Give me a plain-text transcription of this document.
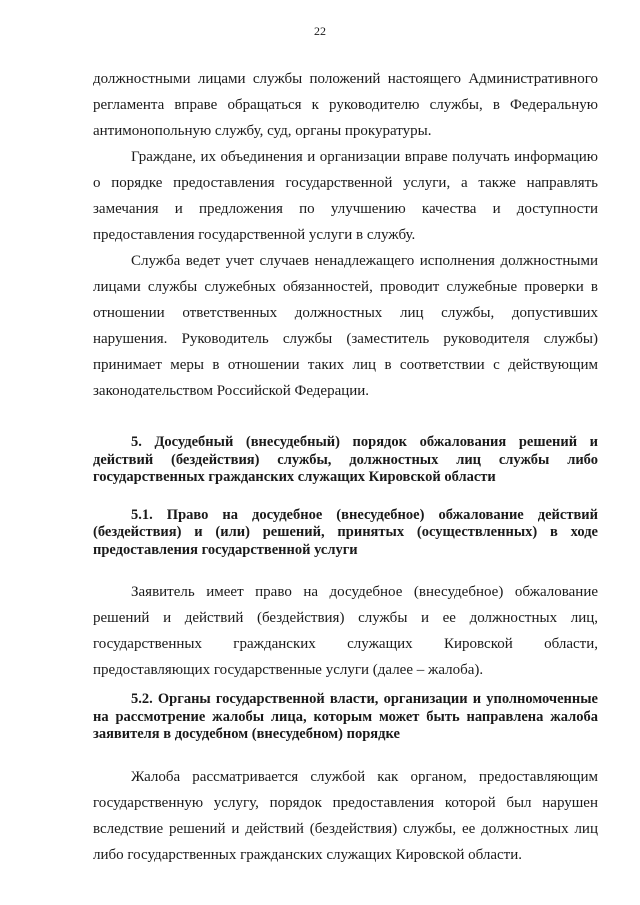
22

должностными лицами службы положений настоящего Административного регламента вправе обращаться к руководителю службы, в Федеральную антимонопольную службу, суд, органы прокуратуры.

Граждане, их объединения и организации вправе получать информацию о порядке предоставления государственной услуги, а также направлять замечания и предложения по улучшению качества и доступности предоставления государственной услуги в службу.

Служба ведет учет случаев ненадлежащего исполнения должностными лицами службы служебных обязанностей, проводит служебные проверки в отношении ответственных должностных лиц службы, допустивших нарушения. Руководитель службы (заместитель руководителя службы) принимает меры в отношении таких лиц в соответствии с действующим законодательством Российской Федерации.

5. Досудебный (внесудебный) порядок обжалования решений и действий (бездействия) службы, должностных лиц службы либо государственных гражданских служащих Кировской области

5.1. Право на досудебное (внесудебное) обжалование действий (бездействия) и (или) решений, принятых (осуществленных) в ходе предоставления государственной услуги

Заявитель имеет право на досудебное (внесудебное) обжалование решений и действий (бездействия) службы и ее должностных лиц, государственных гражданских служащих Кировской области, предоставляющих государственные услуги (далее – жалоба).

5.2. Органы государственной власти, организации и уполномоченные на рассмотрение жалобы лица, которым может быть направлена жалоба заявителя в досудебном (внесудебном) порядке

Жалоба рассматривается службой как органом, предоставляющим государственную услугу, порядок предоставления которой был нарушен вследствие решений и действий (бездействия) службы, ее должностных лиц либо государственных гражданских служащих Кировской области.
